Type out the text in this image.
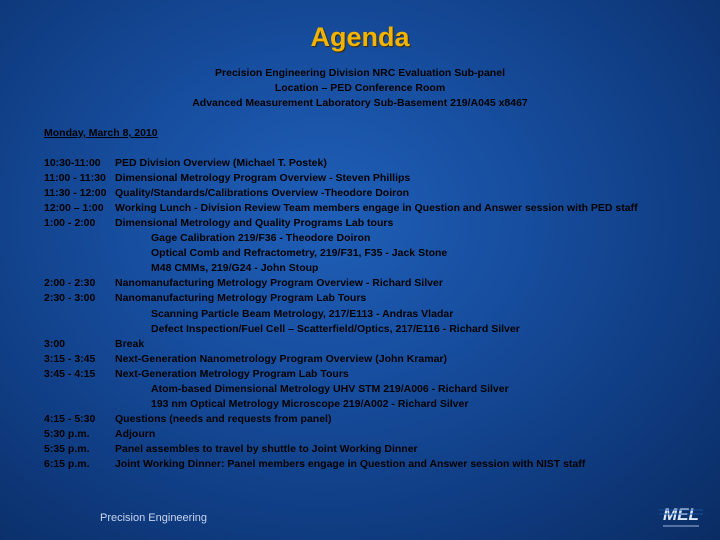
Agenda
Precision Engineering Division NRC Evaluation Sub-panel
Location – PED Conference Room
Advanced Measurement Laboratory Sub-Basement 219/A045 x8467
Monday, March 8, 2010
10:30-11:00	PED Division Overview (Michael T. Postek)
11:00 - 11:30 Dimensional Metrology Program Overview - Steven Phillips
11:30 - 12:00 Quality/Standards/Calibrations Overview -Theodore Doiron
12:00 – 1:00	Working Lunch - Division Review Team members engage in Question and Answer session with PED staff
1:00 - 2:00	Dimensional Metrology and Quality Programs Lab tours
Gage Calibration 219/F36 - Theodore Doiron
Optical Comb and Refractometry, 219/F31, F35 - Jack Stone
M48 CMMs, 219/G24 - John Stoup
2:00 - 2:30	Nanomanufacturing Metrology Program Overview - Richard Silver
2:30 - 3:00	Nanomanufacturing Metrology Program Lab Tours
Scanning Particle Beam Metrology, 217/E113 - Andras Vladar
Defect Inspection/Fuel Cell – Scatterfield/Optics, 217/E116 - Richard Silver
3:00	Break
3:15 - 3:45	Next-Generation Nanometrology Program Overview (John Kramar)
3:45 - 4:15	Next-Generation Metrology Program Lab Tours
Atom-based Dimensional Metrology UHV STM 219/A006 - Richard Silver
193 nm Optical Metrology Microscope 219/A002 - Richard Silver
4:15 - 5:30	Questions (needs and requests from panel)
5:30 p.m.	Adjourn
5:35 p.m.	Panel assembles to travel by shuttle to Joint Working Dinner
6:15 p.m.	Joint Working Dinner: Panel members engage in Question and Answer session with NIST staff
Precision Engineering	MEL
